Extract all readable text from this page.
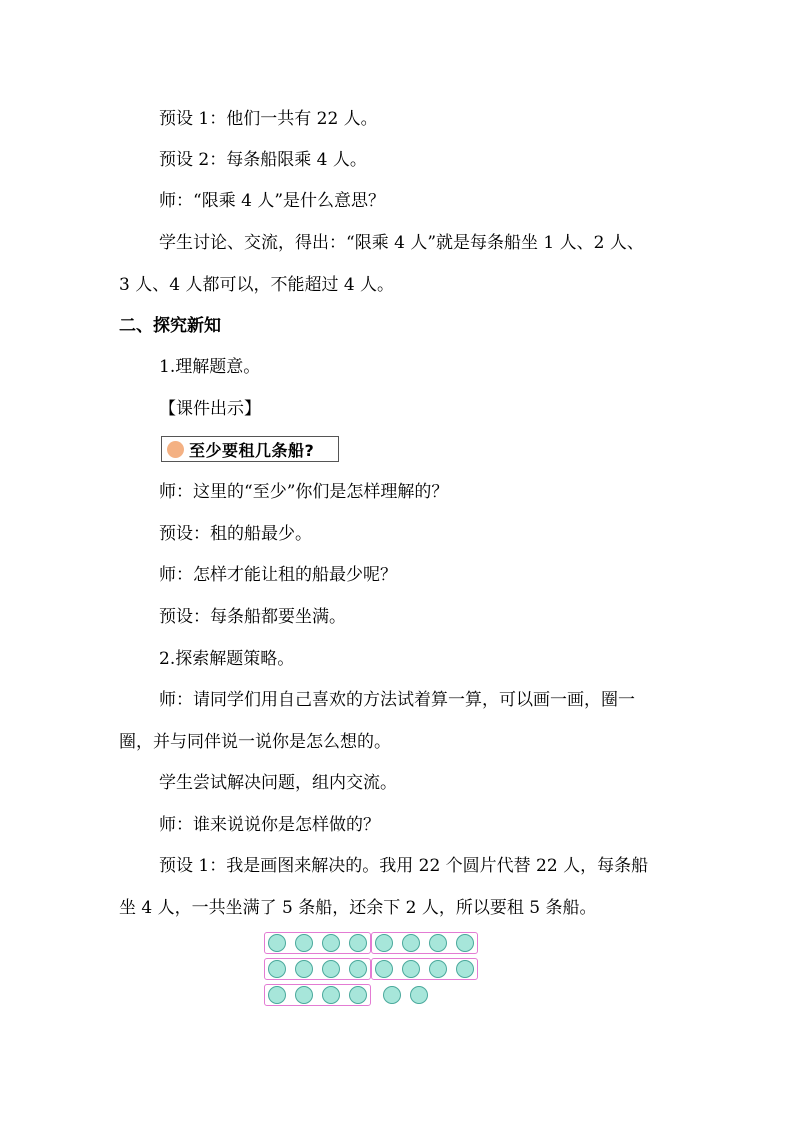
预设 1：他们一共有 22 人。
预设 2：每条船限乘 4 人。
师：“限乘 4 人”是什么意思？
学生讨论、交流，得出：“限乘 4 人”就是每条船坐 1 人、2 人、
3 人、4 人都可以，不能超过 4 人。
二、探究新知
1.理解题意。
【课件出示】
至少要租几条船?
师：这里的“至少”你们是怎样理解的？
预设：租的船最少。
师：怎样才能让租的船最少呢？
预设：每条船都要坐满。
2.探索解题策略。
师：请同学们用自己喜欢的方法试着算一算，可以画一画，圈一
圈，并与同伴说一说你是怎么想的。
学生尝试解决问题，组内交流。
师：谁来说说你是怎样做的？
预设 1：我是画图来解决的。我用 22 个圆片代替 22 人，每条船
坐 4 人，一共坐满了 5 条船，还余下 2 人，所以要租 5 条船。
